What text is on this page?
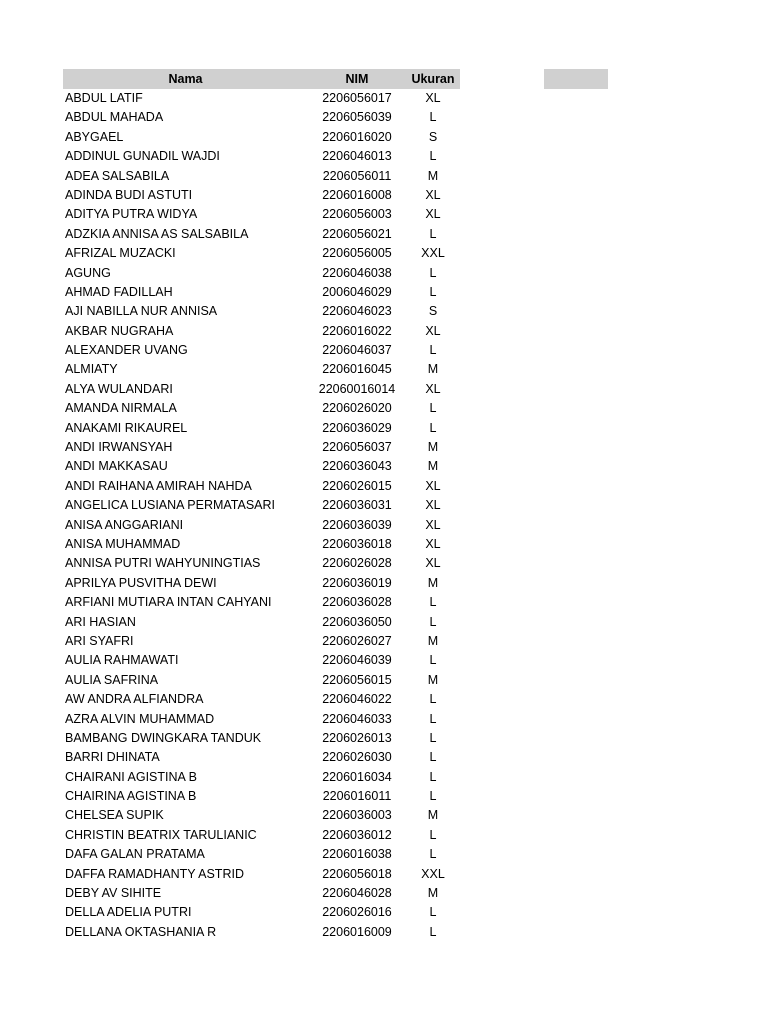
Nama	NIM	Ukuran
ABDUL LATIF	2206056017	XL
ABDUL MAHADA	2206056039	L
ABYGAEL	2206016020	S
ADDINUL GUNADIL WAJDI	2206046013	L
ADEA SALSABILA	2206056011	M
ADINDA BUDI ASTUTI	2206016008	XL
ADITYA PUTRA WIDYA	2206056003	XL
ADZKIA ANNISA AS SALSABILA	2206056021	L
AFRIZAL MUZACKI	2206056005	XXL
AGUNG	2206046038	L
AHMAD FADILLAH	2006046029	L
AJI NABILLA NUR ANNISA	2206046023	S
AKBAR NUGRAHA	2206016022	XL
ALEXANDER UVANG	2206046037	L
ALMIATY	2206016045	M
ALYA WULANDARI	22060016014	XL
AMANDA NIRMALA	2206026020	L
ANAKAMI RIKAUREL	2206036029	L
ANDI IRWANSYAH	2206056037	M
ANDI MAKKASAU	2206036043	M
ANDI RAIHANA AMIRAH NAHDA	2206026015	XL
ANGELICA LUSIANA PERMATASARI	2206036031	XL
ANISA ANGGARIANI	2206036039	XL
ANISA MUHAMMAD	2206036018	XL
ANNISA PUTRI WAHYUNINGTIAS	2206026028	XL
APRILYA PUSVITHA DEWI	2206036019	M
ARFIANI MUTIARA INTAN CAHYANI	2206036028	L
ARI HASIAN	2206036050	L
ARI SYAFRI	2206026027	M
AULIA RAHMAWATI	2206046039	L
AULIA SAFRINA	2206056015	M
AW ANDRA ALFIANDRA	2206046022	L
AZRA ALVIN MUHAMMAD	2206046033	L
BAMBANG DWINGKARA TANDUK	2206026013	L
BARRI DHINATA	2206026030	L
CHAIRANI AGISTINA B	2206016034	L
CHAIRINA AGISTINA B	2206016011	L
CHELSEA SUPIK	2206036003	M
CHRISTIN BEATRIX TARULIANIC	2206036012	L
DAFA GALAN PRATAMA	2206016038	L
DAFFA RAMADHANTY ASTRID	2206056018	XXL
DEBY AV SIHITE	2206046028	M
DELLA ADELIA PUTRI	2206026016	L
DELLANA OKTASHANIA R	2206016009	L
